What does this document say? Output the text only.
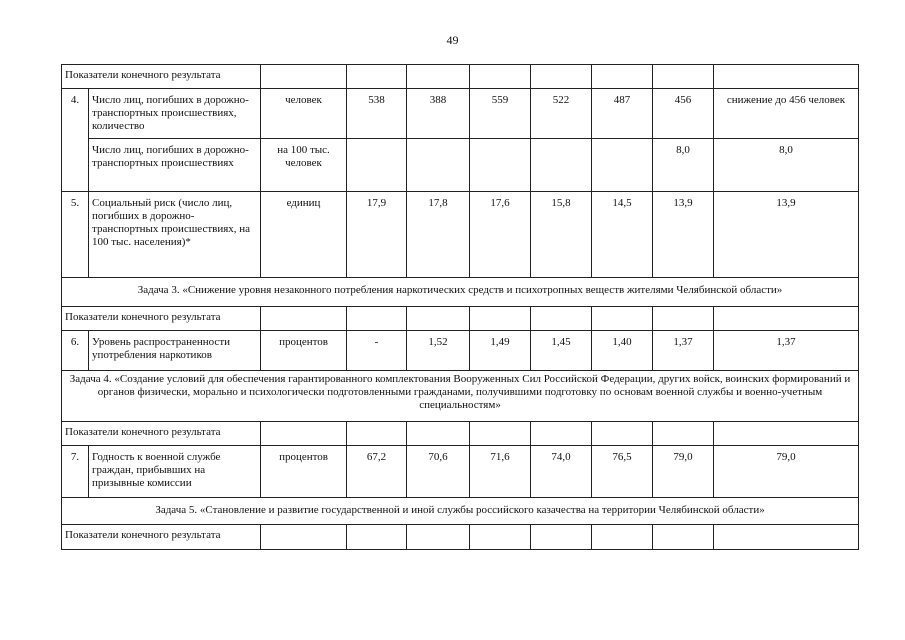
49
Показатели конечного результата									
4.	Число лиц, погибших в дорожно-транспортных происшествиях, количество	человек	538	388	559	522	487	456	снижение до 456 человек
	Число лиц, погибших в дорожно-транспортных происшествиях	на 100 тыс. человек						8,0	8,0
5.	Социальный риск (число лиц, погибших в дорожно-транспортных происшествиях, на 100 тыс. населения)*	единиц	17,9	17,8	17,6	15,8	14,5	13,9	13,9
Задача 3. «Снижение уровня незаконного потребления наркотических средств и психотропных веществ жителями Челябинской области»									
Показатели конечного результата									
6.	Уровень распространенности употребления наркотиков	процентов	-	1,52	1,49	1,45	1,40	1,37	1,37
Задача 4. «Создание условий для обеспечения гарантированного комплектования Вооруженных Сил Российской Федерации, других войск, воинских формирований и органов физически, морально и психологически подготовленными гражданами, получившими подготовку по основам военной службы и военно-учетным специальностям»									
Показатели конечного результата									
7.	Годность к военной службе граждан, прибывших на призывные комиссии	процентов	67,2	70,6	71,6	74,0	76,5	79,0	79,0
Задача 5. «Становление и развитие государственной и иной службы российского казачества на территории Челябинской области»									
Показатели конечного результата									
